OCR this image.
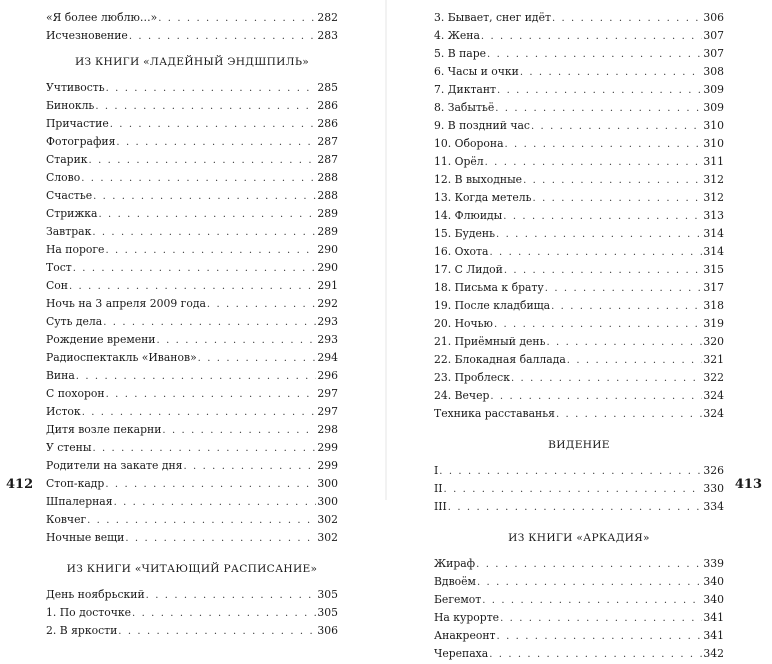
«Я более люблю…» . . .	282
Исчезновение . . .	283
ИЗ КНИГИ «ЛАДЕЙНЫЙ ЭНДШПИЛЬ»
Учтивость . . .	285
Бинокль . . .	286
Причастие . . .	286
Фотография . . .	287
Старик . . .	287
Слово . . .	288
Счастье . . .	288
Стрижка . . .	289
Завтрак . . .	289
На пороге . . .	290
Тост . . .	290
Сон . . .	291
Ночь на 3 апреля 2009 года . . .	292
Суть дела . . .	293
Рождение времени . . .	293
Радиоспектакль «Иванов» . . .	294
Вина . . .	296
С похорон . . .	297
Исток . . .	297
Дитя возле пекарни . . .	298
У стены . . .	299
Родители на закате дня . . .	299
Стоп-кадр . . .	300
Шпалерная . . .	300
Ковчег . . .	302
Ночные вещи . . .	302
ИЗ КНИГИ «ЧИТАЮЩИЙ РАСПИСАНИЕ»
День ноябрьский . . .	305
1. По досточке . . .	305
2. В яркости . . .	306
412
3. Бывает, снег идёт . . .	306
4. Жена . . .	307
5. В паре . . .	307
6. Часы и очки . . .	308
7. Диктант . . .	309
8. Забытьё . . .	309
9. В поздний час . . .	310
10. Оборона . . .	310
11. Орёл . . .	311
12. В выходные . . .	312
13. Когда метель . . .	312
14. Флюиды . . .	313
15. Будень . . .	314
16. Охота . . .	314
17. С Лидой . . .	315
18. Письма к брату . . .	317
19. После кладбища . . .	318
20. Ночью . . .	319
21. Приёмный день . . .	320
22. Блокадная баллада . . .	321
23. Проблеск . . .	322
24. Вечер . . .	324
Техника расставанья . . .	324
ВИДЕНИЕ
I . . .	326
II . . .	330
III . . .	334
ИЗ КНИГИ «АРКАДИЯ»
Жираф . . .	339
Вдвоём . . .	340
Бегемот . . .	340
На курорте . . .	341
Анакреонт . . .	341
Черепаха . . .	342
413
